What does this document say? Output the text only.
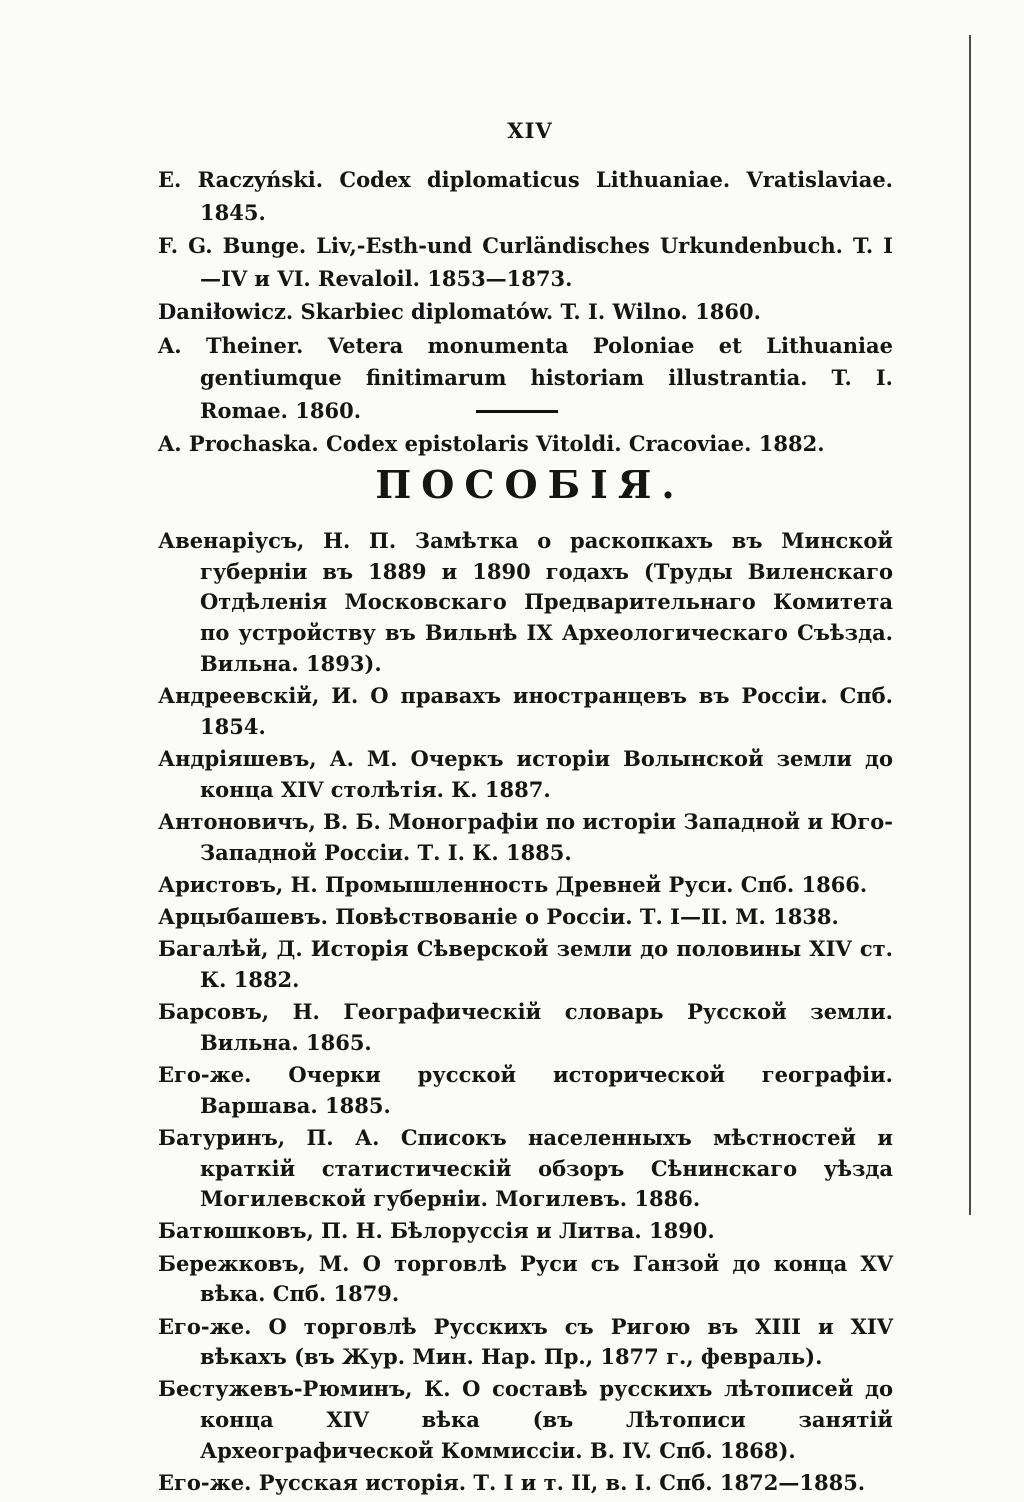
XIV

E. Raczyński. Codex diplomaticus Lithuaniae. Vratislaviae. 1845.

F. G. Bunge. Liv,-Esth-und Curländisches Urkundenbuch. T. I—IV и VI. Revaloil. 1853—1873.

Daniłowicz. Skarbiec diplomatów. T. I. Wilno. 1860.

A. Theiner. Vetera monumenta Poloniae et Lithuaniae gentiumque finitimarum historiam illustrantia. T. I. Romae. 1860.

A. Prochaska. Codex epistolaris Vitoldi. Cracoviae. 1882.

ПОСОБІЯ.

Авенаріусъ, Н. П. Замѣтка о раскопкахъ въ Минской губерніи въ 1889 и 1890 годахъ (Труды Виленскаго Отдѣленія Московскаго Предварительнаго Комитета по устройству въ Вильнѣ IX Археологическаго Съѣзда. Вильна. 1893).

Андреевскій, И. О правахъ иностранцевъ въ Россіи. Спб. 1854.

Андріяшевъ, А. М. Очеркъ исторіи Волынской земли до конца XIV столѣтія. К. 1887.

Антоновичъ, В. Б. Монографіи по исторіи Западной и Юго-Западной Россіи. Т. I. К. 1885.

Аристовъ, Н. Промышленность Древней Руси. Спб. 1866.

Арцыбашевъ. Повѣствованіе о Россіи. Т. I—II. М. 1838.

Багалѣй, Д. Исторія Сѣверской земли до половины XIV ст. К. 1882.

Барсовъ, Н. Географическій словарь Русской земли. Вильна. 1865.

Его-же. Очерки русской исторической географіи. Варшава. 1885.

Батуринъ, П. А. Списокъ населенныхъ мѣстностей и краткій статистическій обзоръ Сѣнинскаго уѣзда Могилевской губерніи. Могилевъ. 1886.

Батюшковъ, П. Н. Бѣлоруссія и Литва. 1890.

Бережковъ, М. О торговлѣ Руси съ Ганзой до конца XV вѣка. Спб. 1879.

Его-же. О торговлѣ Русскихъ съ Ригою въ XIII и XIV вѣкахъ (въ Жур. Мин. Нар. Пр., 1877 г., февраль).

Бестужевъ-Рюминъ, К. О составѣ русскихъ лѣтописей до конца XIV вѣка (въ Лѣтописи занятій Археографической Коммиссіи. В. IV. Спб. 1868).

Его-же. Русская исторія. Т. I и т. II, в. I. Спб. 1872—1885.
